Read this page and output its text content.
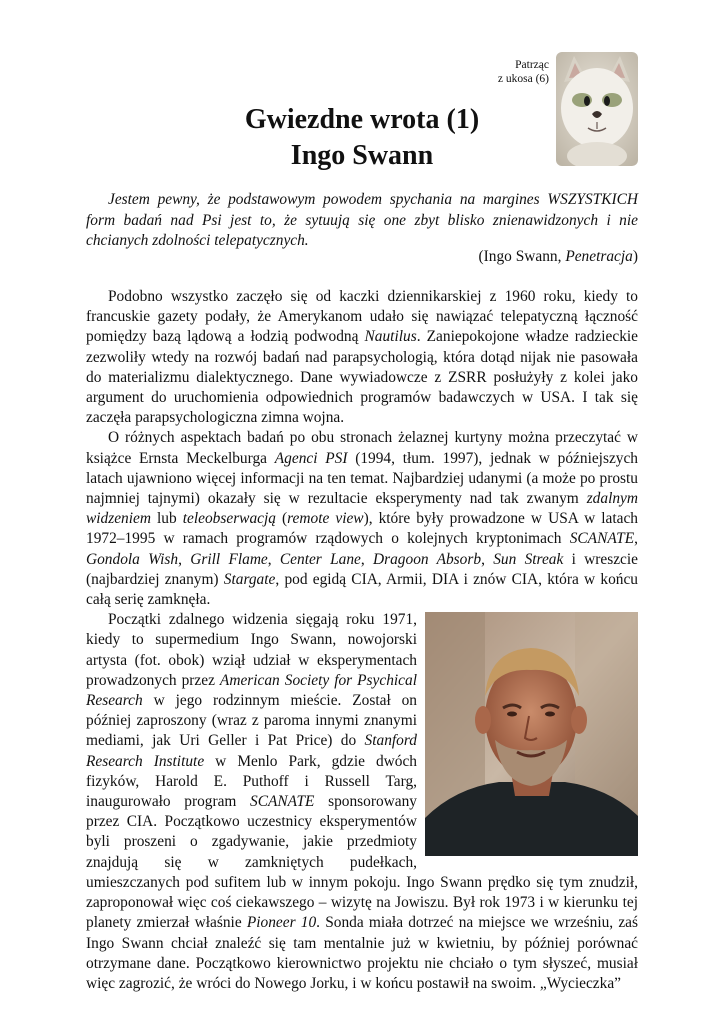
Patrząc
z ukosa (6)
Gwiezdne wrota (1)
Ingo Swann
Jestem pewny, że podstawowym powodem spychania na margines WSZYSTKICH form badań nad Psi jest to, że sytuują się one zbyt blisko znienawidzonych i nie chcianych zdolności telepatycznych.
(Ingo Swann, Penetracja)

Podobno wszystko zaczęło się od kaczki dziennikarskiej z 1960 roku, kiedy to francuskie gazety podały, że Amerykanom udało się nawiązać telepatyczną łączność pomiędzy bazą lądową a łodzią podwodną Nautilus. Zaniepokojone władze radzieckie zezwoliły wtedy na rozwój badań nad parapsychologią, która dotąd nijak nie pasowała do materializmu dialektycznego. Dane wywiadowcze z ZSRR posłużyły z kolei jako argument do uruchomienia odpowiednich programów badawczych w USA. I tak się zaczęła parapsychologiczna zimna wojna.

O różnych aspektach badań po obu stronach żelaznej kurtyny można przeczytać w książce Ernsta Meckelburga Agenci PSI (1994, tłum. 1997), jednak w późniejszych latach ujawniono więcej informacji na ten temat. Najbardziej udanymi (a może po prostu najmniej tajnymi) okazały się w rezultacie eksperymenty nad tak zwanym zdalnym widzeniem lub teleobserwacją (remote view), które były prowadzone w USA w latach 1972–1995 w ramach programów rządowych o kolejnych kryptonimach SCANATE, Gondola Wish, Grill Flame, Center Lane, Dragoon Absorb, Sun Streak i wreszcie (najbardziej znanym) Stargate, pod egidą CIA, Armii, DIA i znów CIA, która w końcu całą serię zamknęła.

Początki zdalnego widzenia sięgają roku 1971, kiedy to supermedium Ingo Swann, nowojorski artysta (fot. obok) wziął udział w eksperymentach prowadzonych przez American Society for Psychical Research w jego rodzinnym mieście. Został on później zaproszony (wraz z paroma innymi znanymi mediami, jak Uri Geller i Pat Price) do Stanford Research Institute w Menlo Park, gdzie dwóch fizyków, Harold E. Puthoff i Russell Targ, inaugurowało program SCANATE sponsorowany przez CIA. Początkowo uczestnicy eksperymentów byli proszeni o zgadywanie, jakie przedmioty znajdują się w zamkniętych pudełkach, umieszczanych pod sufitem lub w innym pokoju. Ingo Swann prędko się tym znudził, zaproponował więc coś ciekawszego – wizytę na Jowiszu. Był rok 1973 i w kierunku tej planety zmierzał właśnie Pioneer 10. Sonda miała dotrzeć na miejsce we wrześniu, zaś Ingo Swann chciał znaleźć się tam mentalnie już w kwietniu, by później porównać otrzymane dane. Początkowo kierownictwo projektu nie chciało o tym słyszeć, musiał więc zagrozić, że wróci do Nowego Jorku, i w końcu postawił na swoim. „Wycieczka”
